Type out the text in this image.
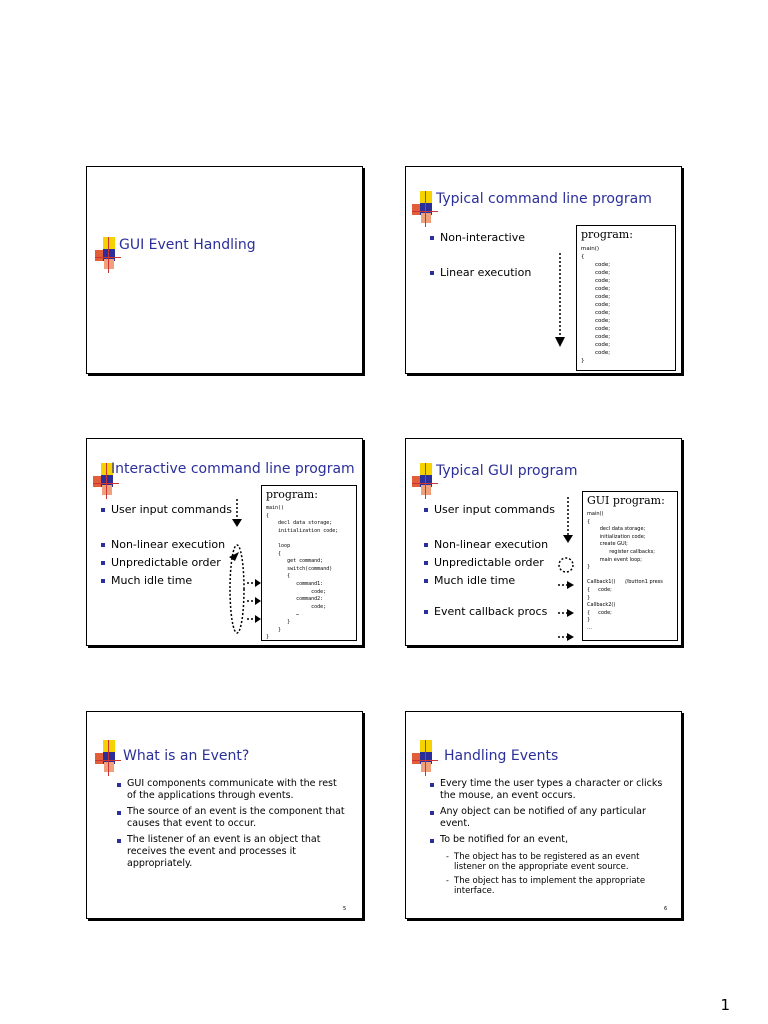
GUI Event Handling
Typical command line program
Non-interactive
Linear execution
program:
main()
{
code;
code;
code;
code;
code;
code;
code;
code;
code;
code;
code;
code;
}
Interactive command line program
User input commands
Non-linear execution
Unpredictable order
Much idle time
program:
main()
{
decl data storage;
initialization code;

loop
{
get command;
switch(command)
{
command1:
code;
command2:
code;
…
}
}
}
Typical GUI program
User input commands
Non-linear execution
Unpredictable order
Much idle time
Event callback procs
GUI program:
main()
{
decl data storage;
initialization code;
create GUI;
register callbacks;
main event loop;
}

Callback1()      //button1 press
{     code;
}
Callback2()
{     code;
}
…
What is an Event?
GUI components communicate with the rest of the applications through events.
The source of an event is the component that causes that event to occur.
The listener of an event is an object that receives the event and processes it appropriately.
5
Handling Events
Every time the user types a character or clicks the mouse, an event occurs.
Any object can be notified of any particular event.
To be notified for an event,
- The object has to be registered as an event listener on the appropriate event source.
- The object has to implement the appropriate interface.
6
1
